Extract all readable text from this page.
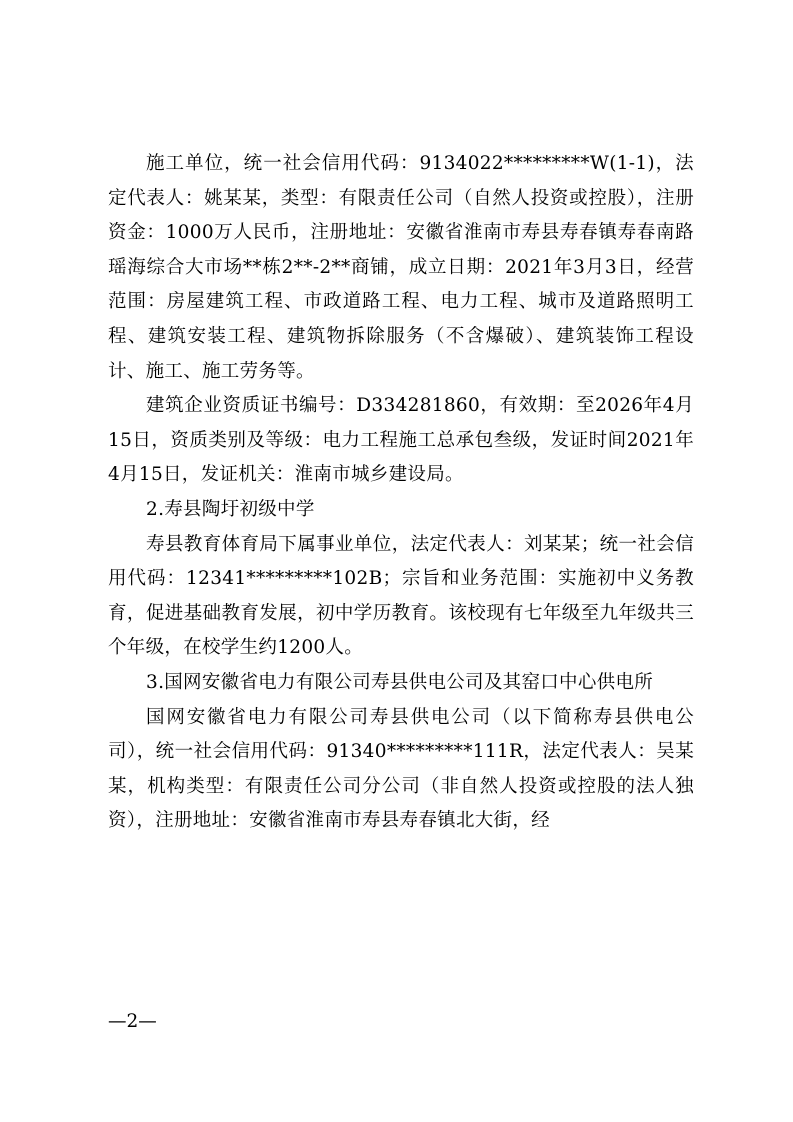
施工单位，统一社会信用代码：9134022*********W(1-1)，法定代表人：姚某某，类型：有限责任公司（自然人投资或控股），注册资金：1000万人民币，注册地址：安徽省淮南市寿县寿春镇寿春南路瑶海综合大市场**栋2**-2**商铺，成立日期：2021年3月3日，经营范围：房屋建筑工程、市政道路工程、电力工程、城市及道路照明工程、建筑安装工程、建筑物拆除服务（不含爆破）、建筑装饰工程设计、施工、施工劳务等。

建筑企业资质证书编号：D334281860，有效期：至2026年4月15日，资质类别及等级：电力工程施工总承包叁级，发证时间2021年4月15日，发证机关：淮南市城乡建设局。

2.寿县陶圩初级中学

寿县教育体育局下属事业单位，法定代表人：刘某某；统一社会信用代码：12341*********102B；宗旨和业务范围：实施初中义务教育，促进基础教育发展，初中学历教育。该校现有七年级至九年级共三个年级，在校学生约1200人。

3.国网安徽省电力有限公司寿县供电公司及其窑口中心供电所

国网安徽省电力有限公司寿县供电公司（以下简称寿县供电公司），统一社会信用代码：91340*********111R，法定代表人：吴某某，机构类型：有限责任公司分公司（非自然人投资或控股的法人独资），注册地址：安徽省淮南市寿县寿春镇北大街，经

—2—
